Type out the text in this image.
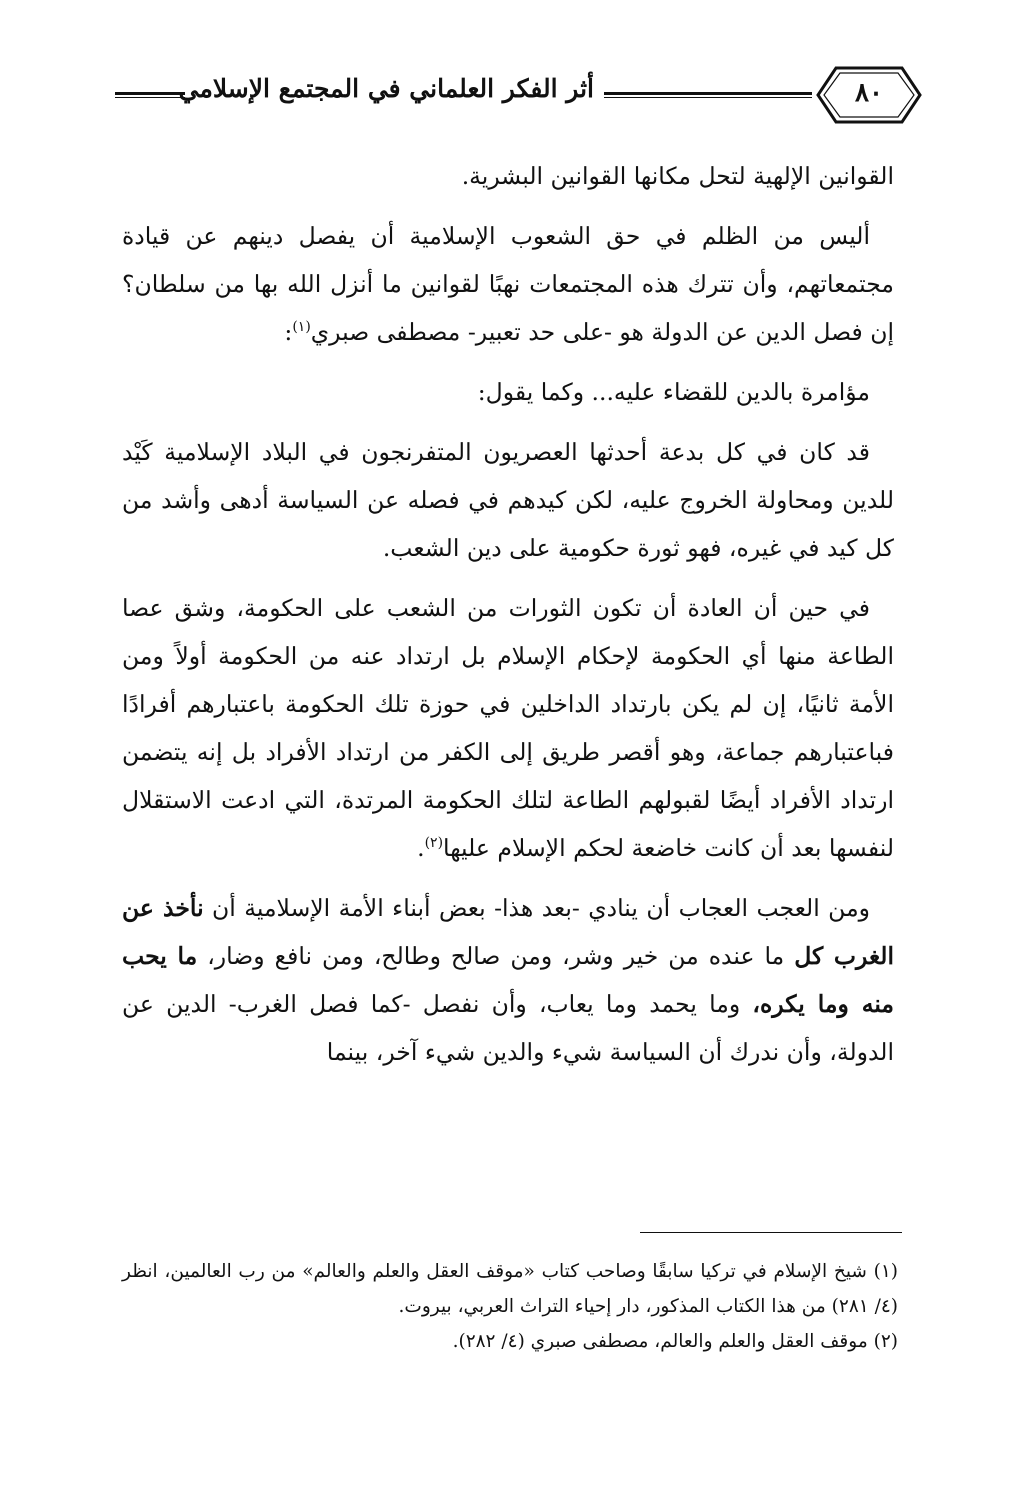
٨٠
أثر الفكر العلماني في المجتمع الإسلامي

القوانين الإلهية لتحل مكانها القوانين البشرية.

أليس من الظلم في حق الشعوب الإسلامية أن يفصل دينهم عن قيادة مجتمعاتهم، وأن تترك هذه المجتمعات نهبًا لقوانين ما أنزل الله بها من سلطان؟ إن فصل الدين عن الدولة هو -على حد تعبير- مصطفى صبري$^{(١)}$:

مؤامرة بالدين للقضاء عليه... وكما يقول:

قد كان في كل بدعة أحدثها العصريون المتفرنجون في البلاد الإسلامية كَيْد للدين ومحاولة الخروج عليه، لكن كيدهم في فصله عن السياسة أدهى وأشد من كل كيد في غيره، فهو ثورة حكومية على دين الشعب.

في حين أن العادة أن تكون الثورات من الشعب على الحكومة، وشق عصا الطاعة منها أي الحكومة لإحكام الإسلام بل ارتداد عنه من الحكومة أولاً ومن الأمة ثانيًا، إن لم يكن بارتداد الداخلين في حوزة تلك الحكومة باعتبارهم أفرادًا فباعتبارهم جماعة، وهو أقصر طريق إلى الكفر من ارتداد الأفراد بل إنه يتضمن ارتداد الأفراد أيضًا لقبولهم الطاعة لتلك الحكومة المرتدة، التي ادعت الاستقلال لنفسها بعد أن كانت خاضعة لحكم الإسلام عليها$^{(٢)}$.

ومن العجب العجاب أن ينادي -بعد هذا- بعض أبناء الأمة الإسلامية أن نأخذ عن الغرب كل ما عنده من خير وشر، ومن صالح وطالح، ومن نافع وضار، ما يحب منه وما يكره، وما يحمد وما يعاب، وأن نفصل -كما فصل الغرب- الدين عن الدولة، وأن ندرك أن السياسة شيء والدين شيء آخر، بينما

(١) شيخ الإسلام في تركيا سابقًا وصاحب كتاب «موقف العقل والعلم والعالم» من رب العالمين، انظر (٤/ ٢٨١) من هذا الكتاب المذكور، دار إحياء التراث العربي، بيروت.

(٢) موقف العقل والعلم والعالم، مصطفى صبري (٤/ ٢٨٢).
